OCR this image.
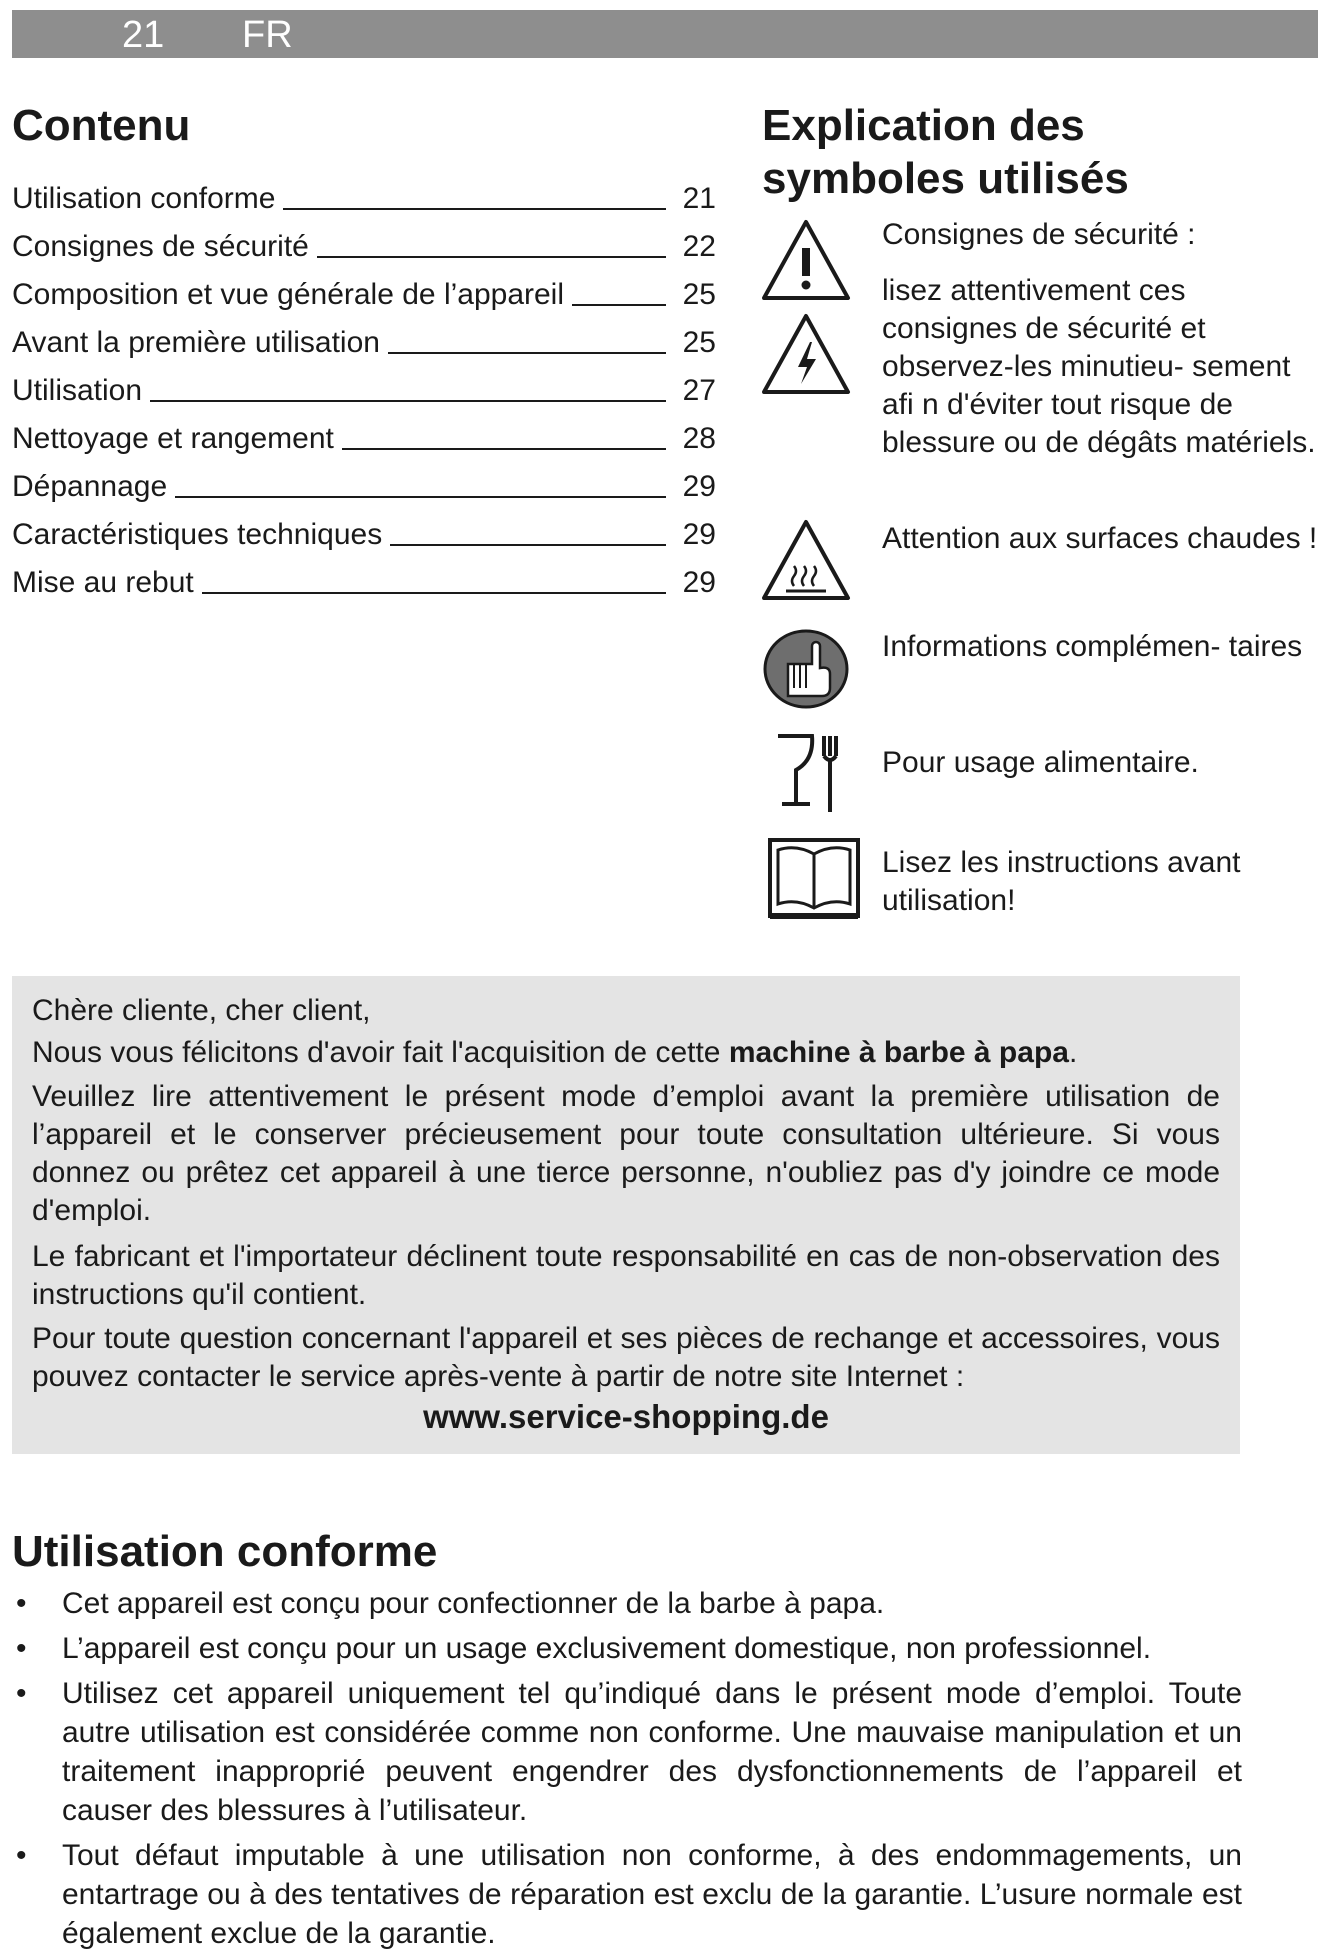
21 FR
Contenu
Utilisation conforme	21
Consignes de sécurité	22
Composition et vue générale de l’appareil	25
Avant la première utilisation	25
Utilisation	27
Nettoyage et rangement	28
Dépannage	29
Caractéristiques techniques	29
Mise au rebut	29
Explication des
symboles utilisés
Consignes de sécurité :
lisez attentivement ces consignes de sécurité et observez-les minutieu- sement afi n d'éviter tout risque de blessure ou de dégâts matériels.
Attention aux surfaces chaudes !
Informations complémen- taires
Pour usage alimentaire.
Lisez les instructions avant utilisation!
Chère cliente, cher client,
Nous vous félicitons d'avoir fait l'acquisition de cette machine à barbe à papa.
Veuillez lire attentivement le présent mode d’emploi avant la première utilisation de l’appareil et le conserver précieusement pour toute consultation ultérieure. Si vous donnez ou prêtez cet appareil à une tierce personne, n'oubliez pas d'y joindre ce mode d'emploi.
Le fabricant et l'importateur déclinent toute responsabilité en cas de non-observation des instructions qu'il contient.
Pour toute question concernant l'appareil et ses pièces de rechange et accessoires, vous pouvez contacter le service après-vente à partir de notre site Internet :
www.service-shopping.de
Utilisation conforme
• Cet appareil est conçu pour confectionner de la barbe à papa.
• L’appareil est conçu pour un usage exclusivement domestique, non professionnel.
• Utilisez cet appareil uniquement tel qu’indiqué dans le présent mode d’emploi. Toute autre utilisation est considérée comme non conforme. Une mauvaise manipulation et un traitement inapproprié peuvent engendrer des dysfonctionnements de l’appareil et causer des blessures à l’utilisateur.
• Tout défaut imputable à une utilisation non conforme, à des endommagements, un entartrage ou à des tentatives de réparation est exclu de la garantie. L’usure normale est également exclue de la garantie.
